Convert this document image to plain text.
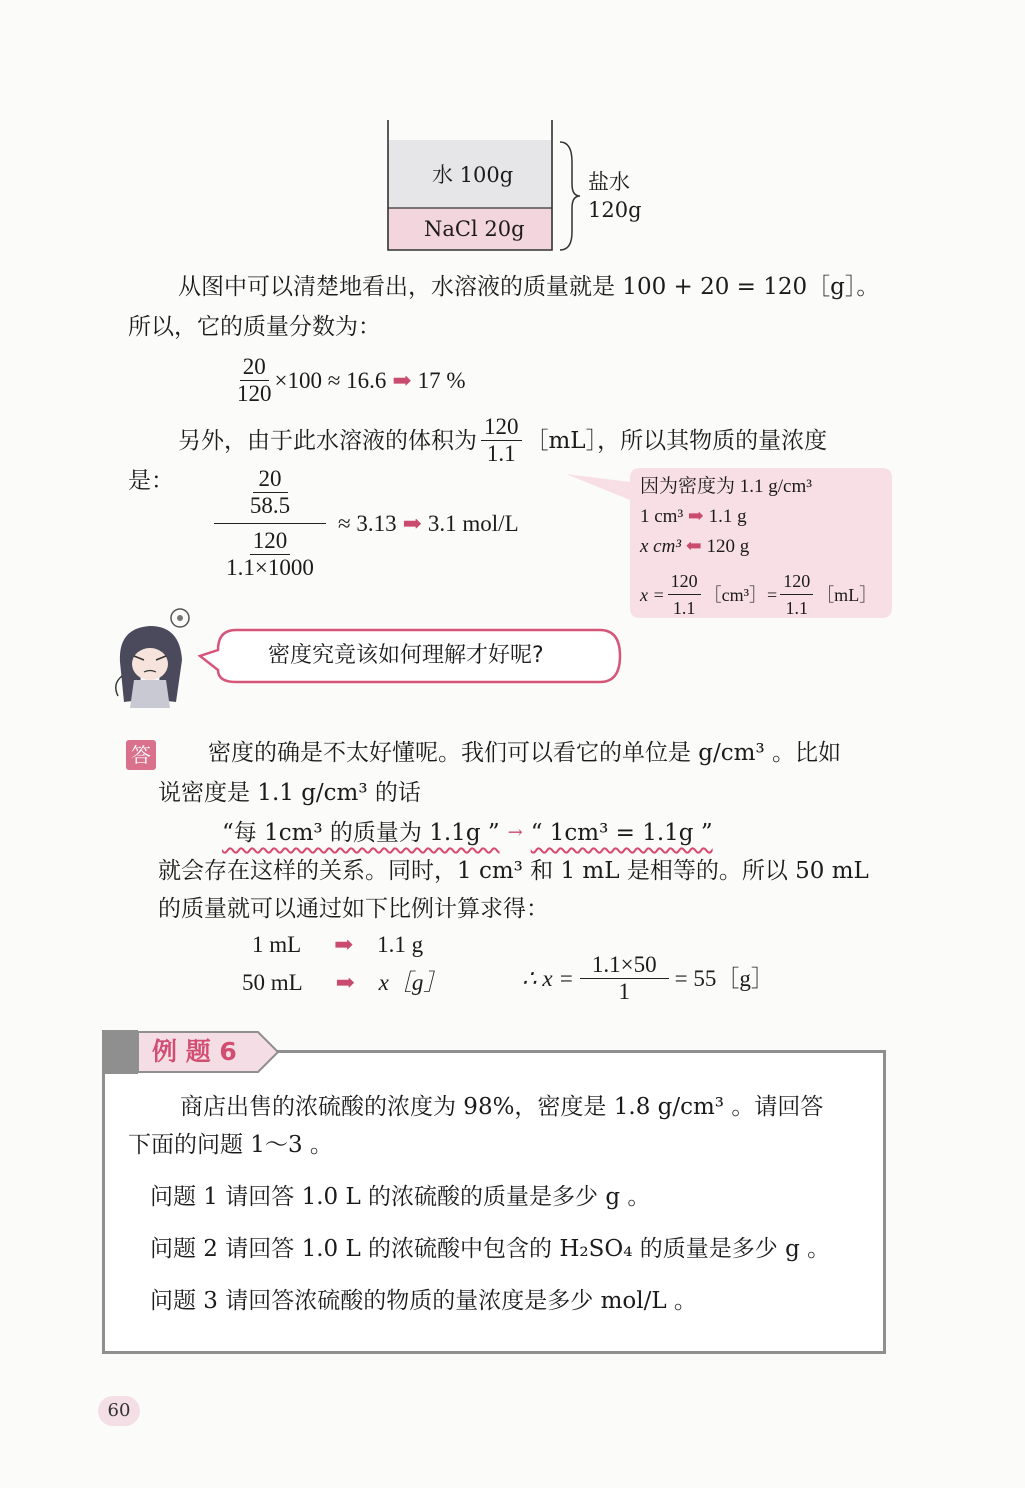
水 100g
NaCl 20g
盐水
120g
从图中可以清楚地看出，水溶液的质量就是 100 + 20 = 120［g］。
所以，它的质量分数为：
$\frac{20}{120} \times 100 \approx 16.6$ ➡ 17 %
另外，由于此水溶液的体积为 $\frac{120}{1.1}$ ［mL］，所以其物质的量浓度
是：	$\frac{20}{58.5}$
$\frac{120}{1.1\times 1000}$
≈ 3.13 ➡ 3.1 mol/L
因为密度为 1.1 g/cm³
1 cm³ ➡ 1.1 g
x cm³ ⬅ 120 g
$x = \frac{120}{1.1}$ ［cm³］= $\frac{120}{1.1}$ ［mL］
密度究竟该如何理解才好呢?
答 密度的确是不太好懂呢。我们可以看它的单位是 g/cm³ 。比如
说密度是 1.1 g/cm³ 的话
“每 1cm³ 的质量为 1.1g ” → “ 1cm³ = 1.1g ”
就会存在这样的关系。同时，1 cm³ 和 1 mL 是相等的。所以 50 mL
的质量就可以通过如下比例计算求得：
1 mL ➡ 1.1 g
50 mL ➡ x［g］	∴ $x = \frac{1.1\times 50}{1}$ = 55［g］
例 题 6
商店出售的浓硫酸的浓度为 98%，密度是 1.8 g/cm³ 。请回答
下面的问题 1～3 。
问题 1 请回答 1.0 L 的浓硫酸的质量是多少 g 。
问题 2 请回答 1.0 L 的浓硫酸中包含的 H₂SO₄ 的质量是多少 g 。
问题 3 请回答浓硫酸的物质的量浓度是多少 mol/L 。
60
